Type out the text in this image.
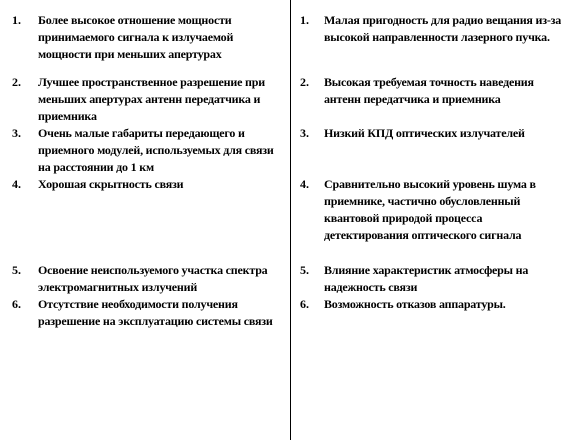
1. Более высокое отношение мощности принимаемого сигнала к излучаемой мощности при меньших апертурах
2. Лучшее пространственное разрешение при меньших апертурах антенн передатчика и приемника
3. Очень малые габариты передающего и приемного модулей, используемых для связи на расстоянии до 1 км
4. Хорошая скрытность связи
5. Освоение неиспользуемого участка спектра электромагнитных излучений
6. Отсутствие необходимости получения разрешение на эксплуатацию системы связи
1. Малая пригодность для радио вещания из-за высокой направленности лазерного пучка.
2. Высокая требуемая точность наведения антенн передатчика и приемника
3. Низкий КПД оптических излучателей
4. Сравнительно высокий уровень шума в приемнике, частично обусловленный квантовой природой процесса детектирования оптического сигнала
5. Влияние характеристик атмосферы на надежность связи
6. Возможность отказов аппаратуры.
